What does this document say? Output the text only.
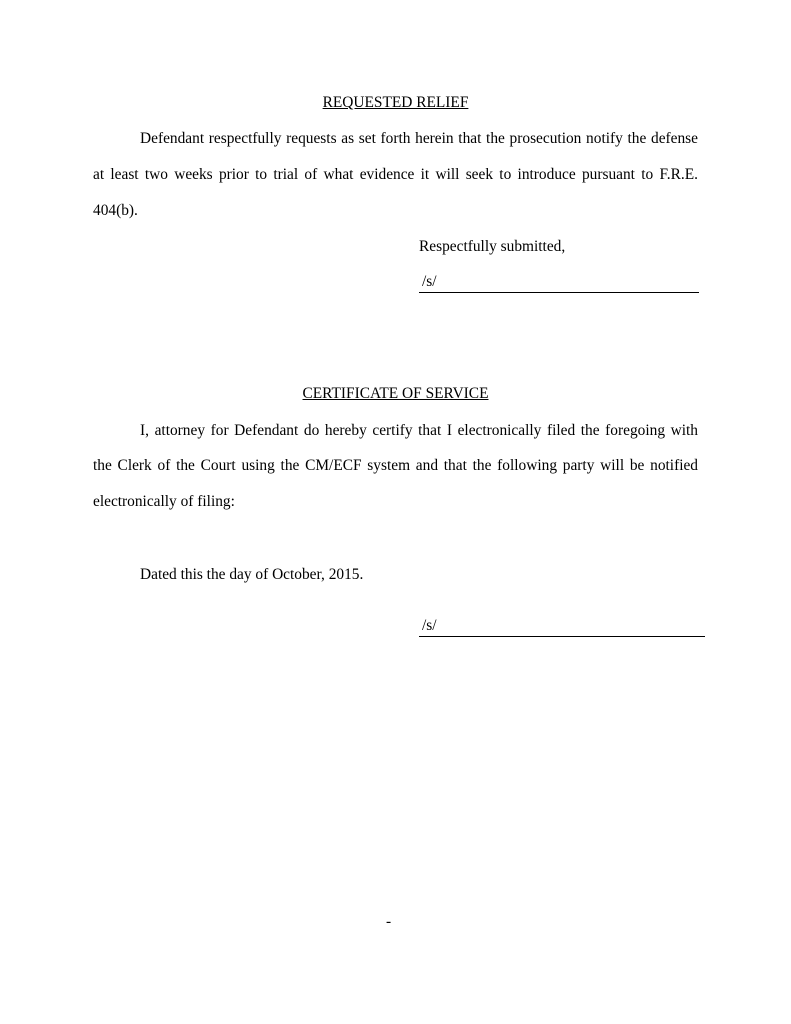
REQUESTED RELIEF
Defendant respectfully requests as set forth herein that the prosecution notify the defense
at least two weeks prior to trial of what evidence it will seek to introduce pursuant to F.R.E.
404(b).
Respectfully submitted,
/s/
CERTIFICATE OF SERVICE
I, attorney for Defendant do hereby certify that I electronically filed the foregoing with
the Clerk of the Court using the CM/ECF system and that the following party will be notified
electronically of filing:
Dated this the day of October, 2015.
/s/
-
